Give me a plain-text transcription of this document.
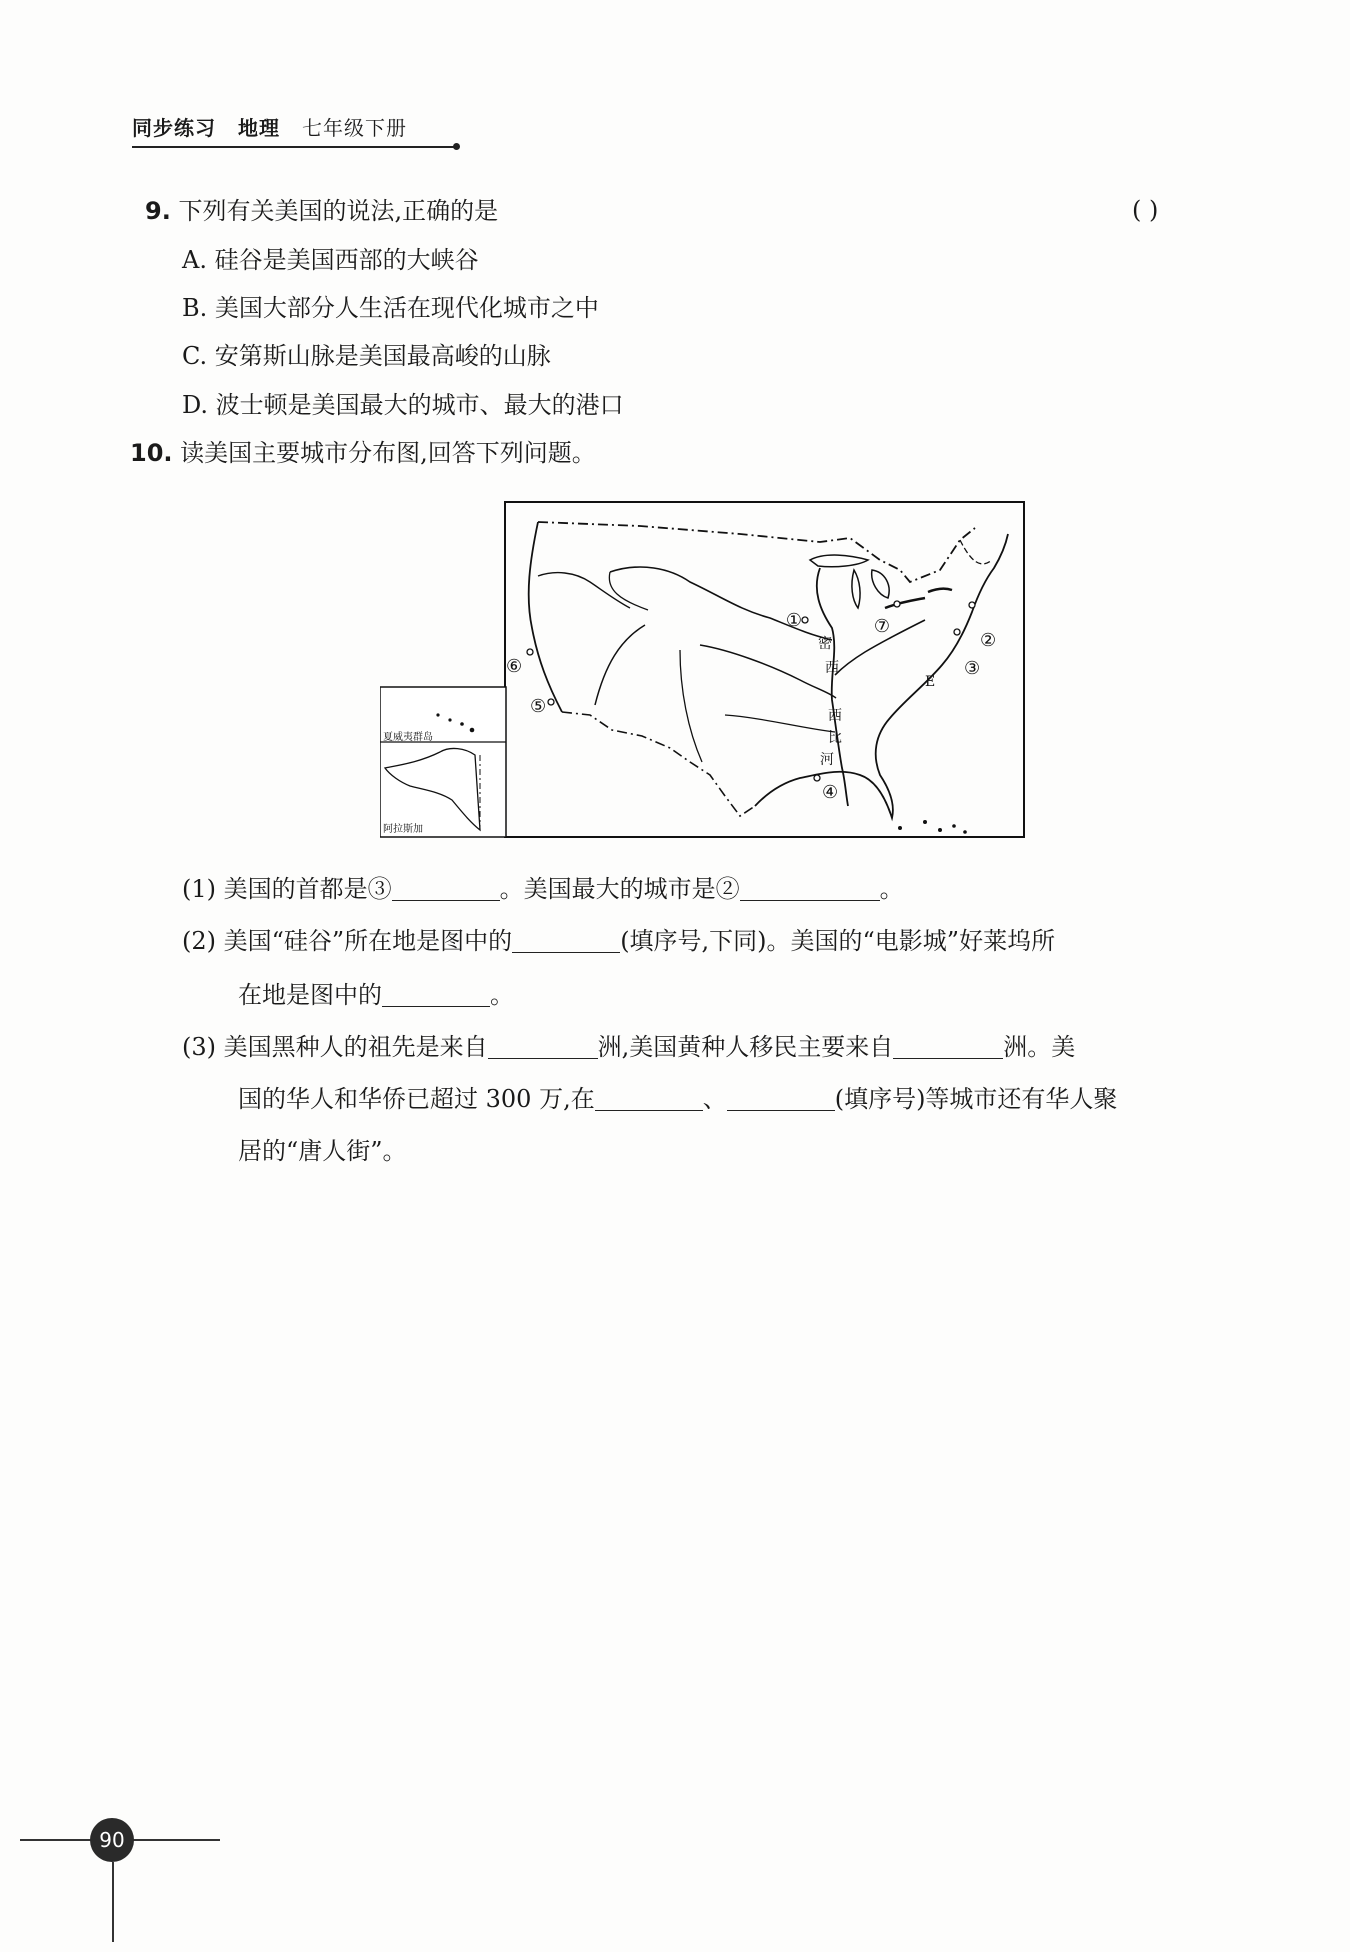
同步练习 地理 七年级下册
9. 下列有关美国的说法,正确的是	( )
A. 硅谷是美国西部的大峡谷
B. 美国大部分人生活在现代化城市之中
C. 安第斯山脉是美国最高峻的山脉
D. 波士顿是美国最大的城市、最大的港口
10. 读美国主要城市分布图,回答下列问题。
①	⑦
②
③
④
⑤
⑥
密
西
西
比
河
E
夏威夷群岛
阿拉斯加
(1) 美国的首都是③	。美国最大的城市是②	。
(2) 美国“硅谷”所在地是图中的	(填序号,下同)。美国的“电影城”好莱坞所
在地是图中的	。
(3) 美国黑种人的祖先是来自	洲,美国黄种人移民主要来自	洲。美
国的华人和华侨已超过 300 万,在	、	(填序号)等城市还有华人聚
居的“唐人街”。
90
